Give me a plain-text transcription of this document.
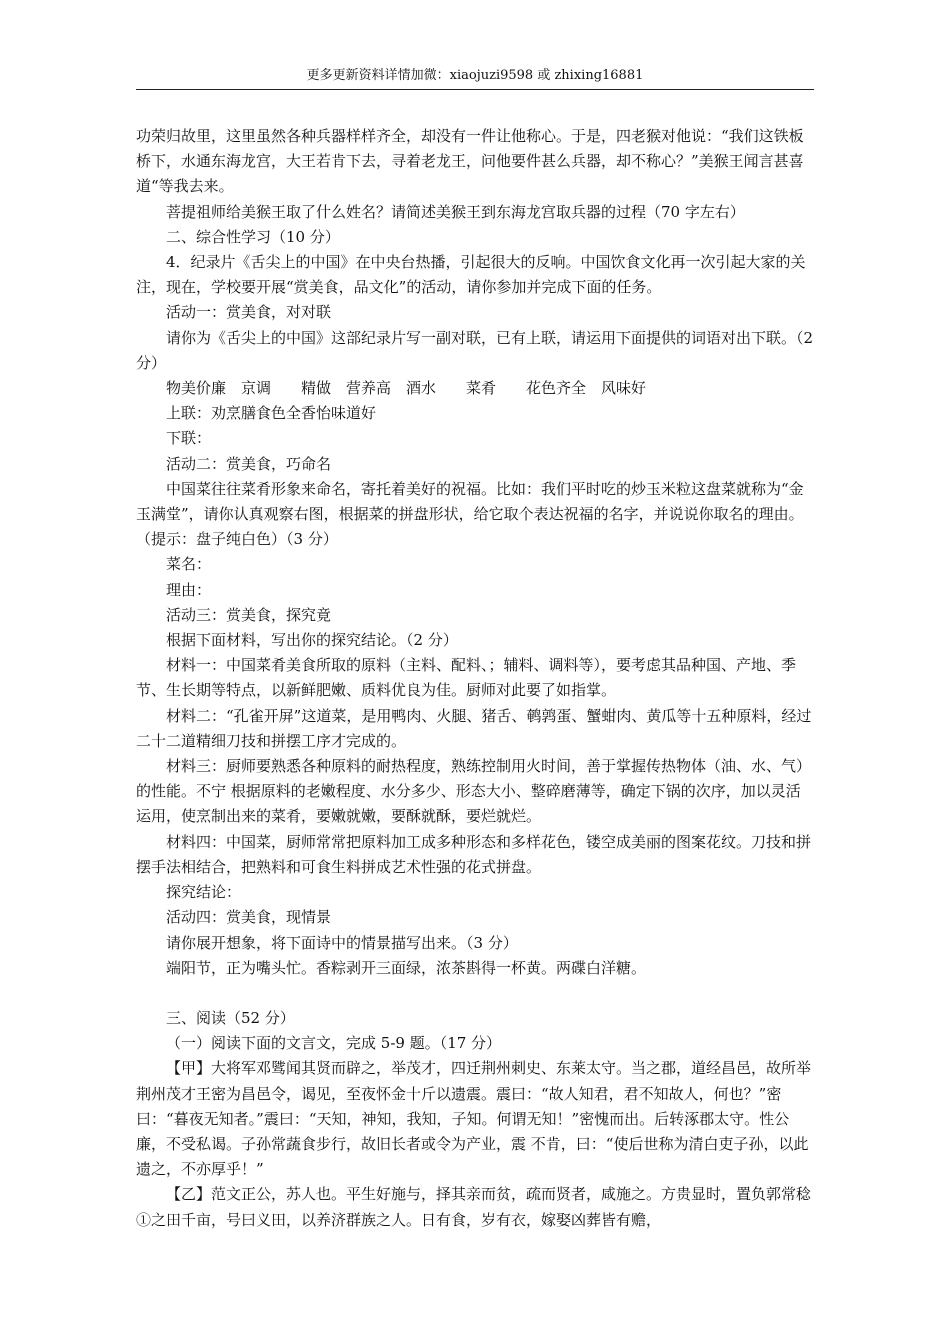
更多更新资料详情加微：xiaojuzi9598 或 zhixing16881

功荣归故里，这里虽然各种兵器样样齐全，却没有一件让他称心。于是，四老猴对他说：“我们这铁板桥下，水通东海龙宫，大王若肯下去，寻着老龙王，问他要件甚么兵器，却不称心？”美猴王闻言甚喜道“等我去来。

菩提祖师给美猴王取了什么姓名？请简述美猴王到东海龙宫取兵器的过程（70 字左右）

二、综合性学习（10 分）

4．纪录片《舌尖上的中国》在中央台热播，引起很大的反响。中国饮食文化再一次引起大家的关注，现在，学校要开展“赏美食，品文化”的活动，请你参加并完成下面的任务。

活动一：赏美食，对对联

请你为《舌尖上的中国》这部纪录片写一副对联，已有上联，请运用下面提供的词语对出下联。（2 分）

物美价廉　京调　　精做　营养高　酒水　　菜肴　　花色齐全　风味好

上联：劝烹膳食色全香怡味道好

下联：

活动二：赏美食，巧命名

中国菜往往菜肴形象来命名，寄托着美好的祝福。比如：我们平时吃的炒玉米粒这盘菜就称为“金玉满堂”，请你认真观察右图，根据菜的拼盘形状，给它取个表达祝福的名字，并说说你取名的理由。（提示：盘子纯白色）（3 分）

菜名：

理由：

活动三：赏美食，探究竟

根据下面材料，写出你的探究结论。（2 分）

材料一：中国菜肴美食所取的原料（主料、配料、；辅料、调料等），要考虑其品种国、产地、季节、生长期等特点，以新鲜肥嫩、质料优良为佳。厨师对此要了如指掌。

材料二：“孔雀开屏”这道菜，是用鸭肉、火腿、猪舌、鹌鹑蛋、蟹蚶肉、黄瓜等十五种原料，经过二十二道精细刀技和拼摆工序才完成的。

材料三：厨师要熟悉各种原料的耐热程度，熟练控制用火时间，善于掌握传热物体（油、水、气）的性能。不宁 根据原料的老嫩程度、水分多少、形态大小、整碎磨薄等，确定下锅的次序，加以灵活运用，使烹制出来的菜肴，要嫩就嫩，要酥就酥，要烂就烂。

材料四：中国菜，厨师常常把原料加工成多种形态和多样花色，镂空成美丽的图案花纹。刀技和拼摆手法相结合，把熟料和可食生料拼成艺术性强的花式拼盘。

探究结论：

活动四：赏美食，现情景

请你展开想象，将下面诗中的情景描写出来。（3 分）

端阳节，正为嘴头忙。香粽剥开三面绿，浓茶斟得一杯黄。两碟白洋糖。

三、阅读（52 分）

（一）阅读下面的文言文，完成 5-9 题。（17 分）

【甲】大将军邓骘闻其贤而辟之，举茂才，四迁荆州刺史、东莱太守。当之郡，道经昌邑，故所举荆州茂才王密为昌邑令，谒见，至夜怀金十斤以遗震。震曰：“故人知君，君不知故人，何也？”密曰：“暮夜无知者。”震曰：“天知，神知，我知，子知。何谓无知！”密愧而出。后转涿郡太守。性公廉，不受私谒。子孙常蔬食步行，故旧长者或令为产业，震 不肯，曰：“使后世称为清白吏子孙，以此遗之，不亦厚乎！”

【乙】范文正公，苏人也。平生好施与，择其亲而贫，疏而贤者，咸施之。方贵显时，置负郭常稔①之田千亩，号曰义田，以养济群族之人。日有食，岁有衣，嫁娶凶葬皆有赡，
